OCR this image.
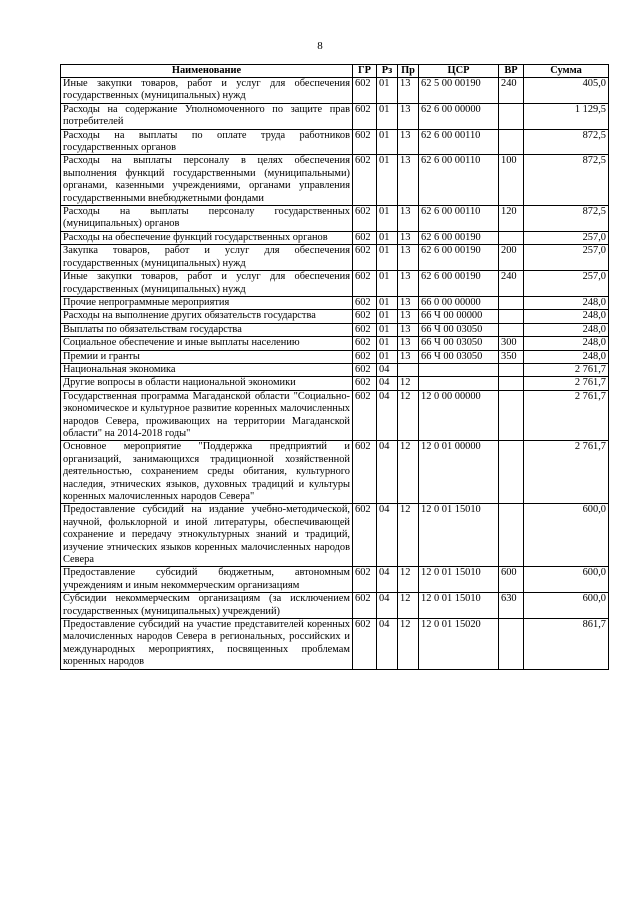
8
Наименование	ГР	Рз	Пр	ЦСР	ВР	Сумма
Иные закупки товаров, работ и услуг для обеспечения государственных (муниципальных) нужд	602	01	13	62 5 00 00190	240	405,0
Расходы на содержание Уполномоченного по защите прав потребителей	602	01	13	62 6 00 00000		1 129,5
Расходы на выплаты по оплате труда работников государственных органов	602	01	13	62 6 00 00110		872,5
Расходы на выплаты персоналу в целях обеспечения выполнения функций государственными (муниципальными) органами, казенными учреждениями, органами управления государственными внебюджетными фондами	602	01	13	62 6 00 00110	100	872,5
Расходы на выплаты персоналу государственных (муниципальных) органов	602	01	13	62 6 00 00110	120	872,5
Расходы на обеспечение функций государственных органов	602	01	13	62 6 00 00190		257,0
Закупка товаров, работ и услуг для обеспечения государственных (муниципальных) нужд	602	01	13	62 6 00 00190	200	257,0
Иные закупки товаров, работ и услуг для обеспечения государственных (муниципальных) нужд	602	01	13	62 6 00 00190	240	257,0
Прочие непрограммные мероприятия	602	01	13	66 0 00 00000		248,0
Расходы на выполнение других обязательств государства	602	01	13	66 Ч 00 00000		248,0
Выплаты по обязательствам государства	602	01	13	66 Ч 00 03050		248,0
Социальное обеспечение и иные выплаты населению	602	01	13	66 Ч 00 03050	300	248,0
Премии и гранты	602	01	13	66 Ч 00 03050	350	248,0
Национальная экономика	602	04				2 761,7
Другие вопросы в области национальной экономики	602	04	12			2 761,7
Государственная программа Магаданской области "Социально-экономическое и культурное развитие коренных малочисленных народов Севера, проживающих на территории Магаданской области" на 2014-2018 годы"	602	04	12	12 0 00 00000		2 761,7
Основное мероприятие "Поддержка предприятий и организаций, занимающихся традиционной хозяйственной деятельностью, сохранением среды обитания, культурного наследия, этнических языков, духовных традиций и культуры коренных малочисленных народов Севера"	602	04	12	12 0 01 00000		2 761,7
Предоставление субсидий на издание учебно-методической, научной, фольклорной и иной литературы, обеспечивающей сохранение и передачу этнокультурных знаний и традиций, изучение этнических языков коренных малочисленных народов Севера	602	04	12	12 0 01 15010		600,0
Предоставление субсидий бюджетным, автономным учреждениям и иным некоммерческим организациям	602	04	12	12 0 01 15010	600	600,0
Субсидии некоммерческим организациям (за исключением государственных (муниципальных) учреждений)	602	04	12	12 0 01 15010	630	600,0
Предоставление субсидий на участие представителей коренных малочисленных народов Севера в региональных, российских и международных мероприятиях, посвященных проблемам коренных народов	602	04	12	12 0 01 15020		861,7
